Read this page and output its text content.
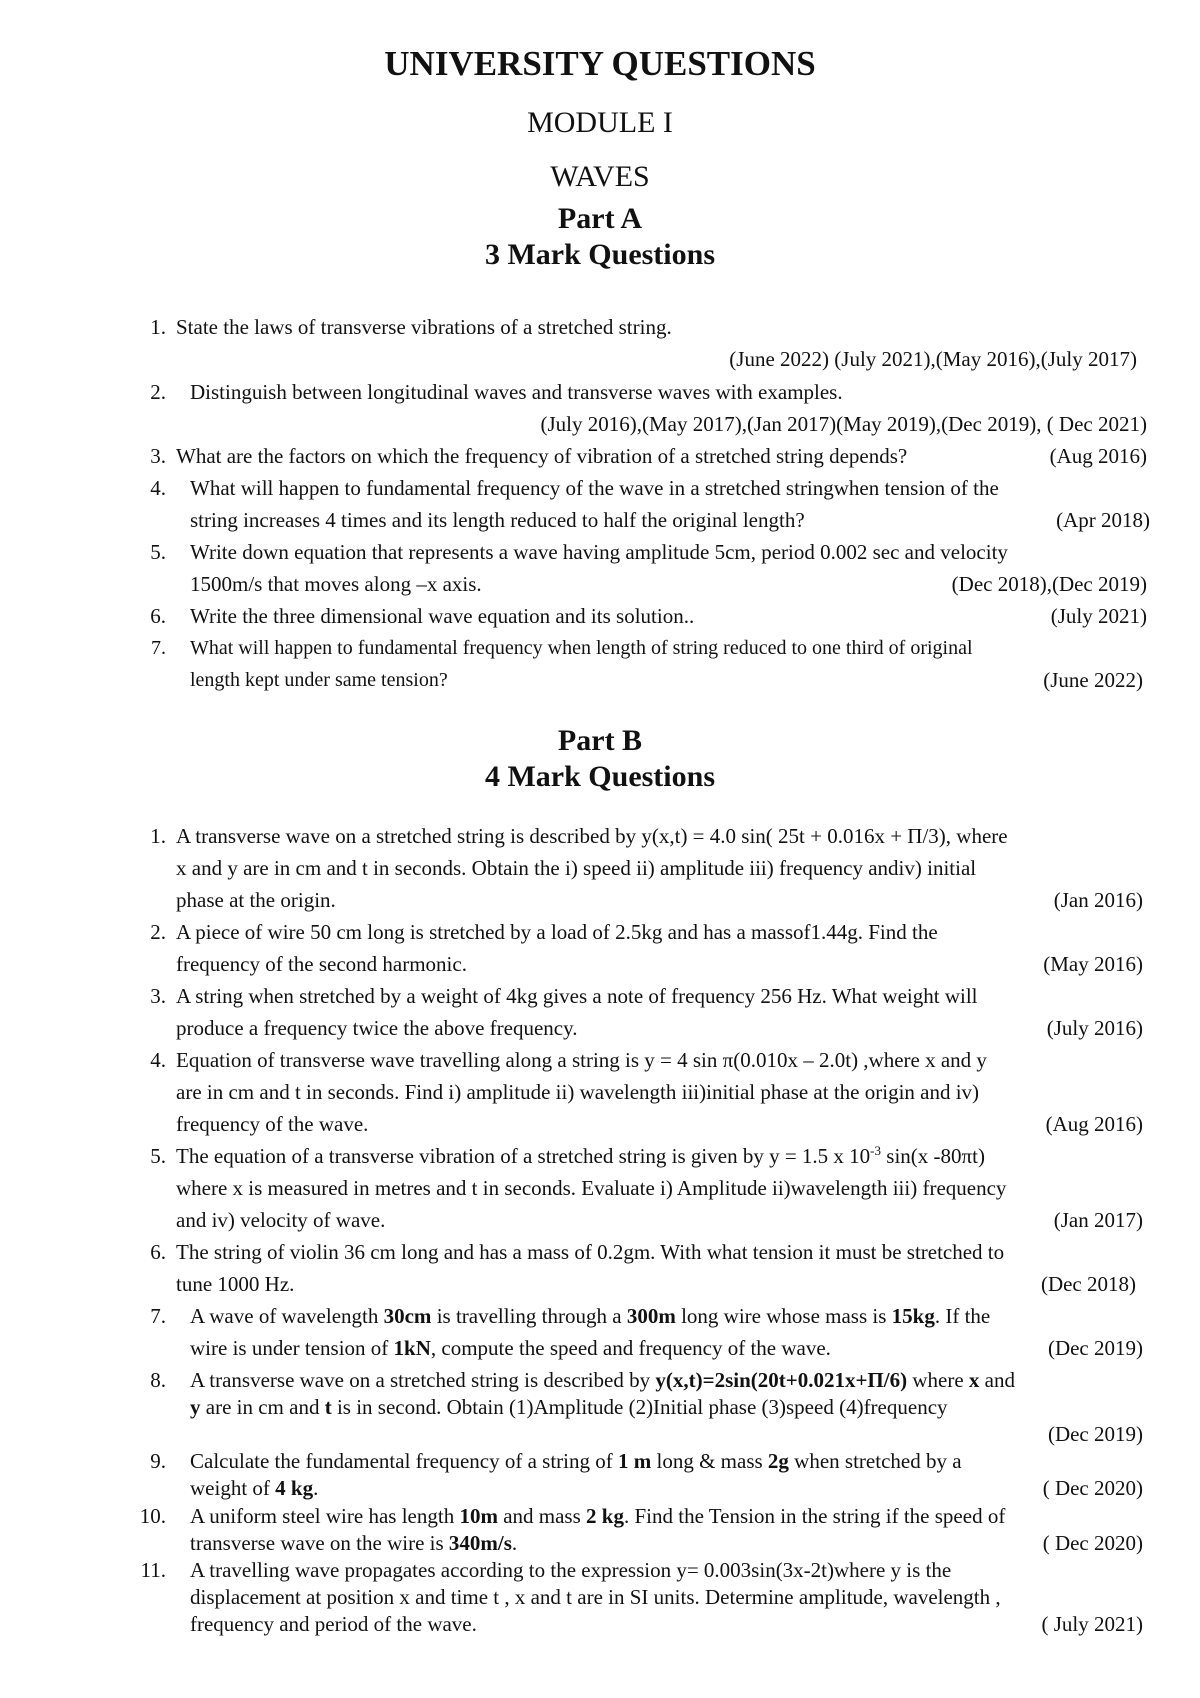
UNIVERSITY QUESTIONS
MODULE I
WAVES
Part A
3 Mark Questions
1. State the laws of transverse vibrations of a stretched string.
(June 2022) (July 2021),(May 2016),(July 2017)
2. Distinguish between longitudinal waves and transverse waves with examples.
(July 2016),(May 2017),(Jan 2017)(May 2019),(Dec 2019), ( Dec 2021)
3. What are the factors on which the frequency of vibration of a stretched string depends?	(Aug 2016)
4. What will happen to fundamental frequency of the wave in a stretched stringwhen tension of the
string increases 4 times and its length reduced to half the original length?	(Apr 2018)
5. Write down equation that represents a wave having amplitude 5cm, period 0.002 sec and velocity
1500m/s that moves along –x axis.	(Dec 2018),(Dec 2019)
6. Write the three dimensional wave equation and its solution..	(July 2021)
7. What will happen to fundamental frequency when length of string reduced to one third of original
length kept under same tension?	(June 2022)
Part B
4 Mark Questions
1. A transverse wave on a stretched string is described by y(x,t) = 4.0 sin( 25t + 0.016x + Π/3), where
x and y are in cm and t in seconds. Obtain the i) speed ii) amplitude iii) frequency andiv) initial
phase at the origin.	(Jan 2016)
2. A piece of wire 50 cm long is stretched by a load of 2.5kg and has a massof1.44g. Find the
frequency of the second harmonic.	(May 2016)
3. A string when stretched by a weight of 4kg gives a note of frequency 256 Hz. What weight will
produce a frequency twice the above frequency.	(July 2016)
4. Equation of transverse wave travelling along a string is y = 4 sin π(0.010x – 2.0t) ,where x and y
are in cm and t in seconds. Find i) amplitude ii) wavelength iii)initial phase at the origin and iv)
frequency of the wave.	(Aug 2016)
5. The equation of a transverse vibration of a stretched string is given by y = 1.5 x $10^{-3}$ sin(x -80πt)
where x is measured in metres and t in seconds. Evaluate i) Amplitude ii)wavelength iii) frequency
and iv) velocity of wave.	(Jan 2017)
6. The string of violin 36 cm long and has a mass of 0.2gm. With what tension it must be stretched to
tune 1000 Hz.	(Dec 2018)
7. A wave of wavelength 30cm is travelling through a 300m long wire whose mass is 15kg. If the
wire is under tension of 1kN, compute the speed and frequency of the wave.	(Dec 2019)
8. A transverse wave on a stretched string is described by y(x,t)=2sin(20t+0.021x+Π/6) where x and
y are in cm and t is in second. Obtain (1)Amplitude (2)Initial phase (3)speed (4)frequency
(Dec 2019)
9. Calculate the fundamental frequency of a string of 1 m long & mass 2g when stretched by a
weight of 4 kg.	( Dec 2020)
10. A uniform steel wire has length 10m and mass 2 kg. Find the Tension in the string if the speed of
transverse wave on the wire is 340m/s.	( Dec 2020)
11. A travelling wave propagates according to the expression y= 0.003sin(3x-2t)where y is the
displacement at position x and time t , x and t are in SI units. Determine amplitude, wavelength ,
frequency and period of the wave.	( July 2021)
